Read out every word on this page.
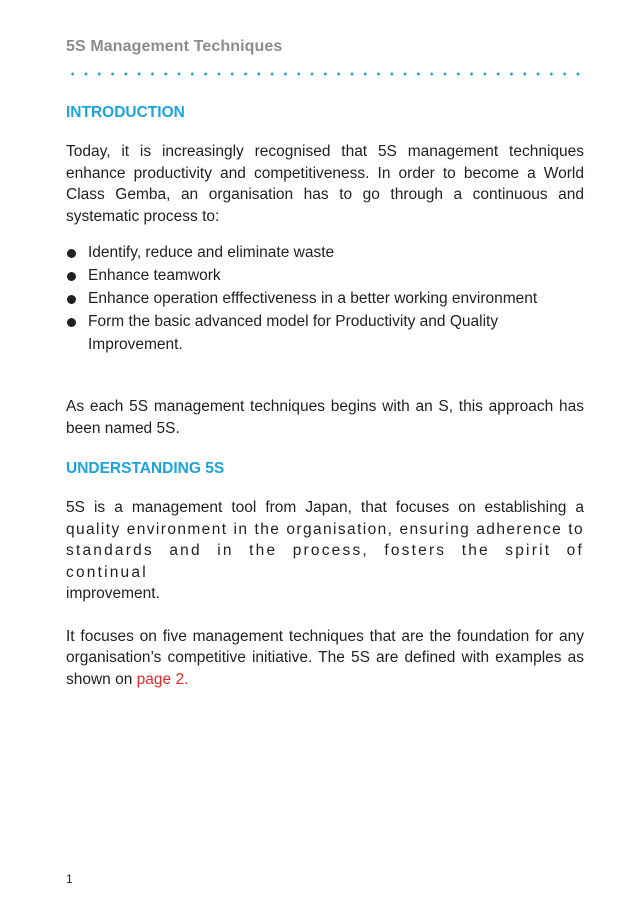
5S Management Techniques
INTRODUCTION

Today, it is increasingly recognised that 5S management techniques enhance productivity and competitiveness. In order to become a World Class Gemba, an organisation has to go through a continuous and systematic process to:

Identify, reduce and eliminate waste
Enhance teamwork
Enhance operation efffectiveness in a better working environment
Form the basic advanced model for Productivity and Quality Improvement.

As each 5S management techniques begins with an S, this approach has been named 5S.

UNDERSTANDING 5S

5S is a management tool from Japan, that focuses on establishing a
quality environment in the organisation, ensuring adherence to
standards and in the process, fosters the spirit of continual
improvement.

It focuses on five management techniques that are the foundation for any organisation’s competitive initiative. The 5S are defined with examples as shown on page 2.

1
